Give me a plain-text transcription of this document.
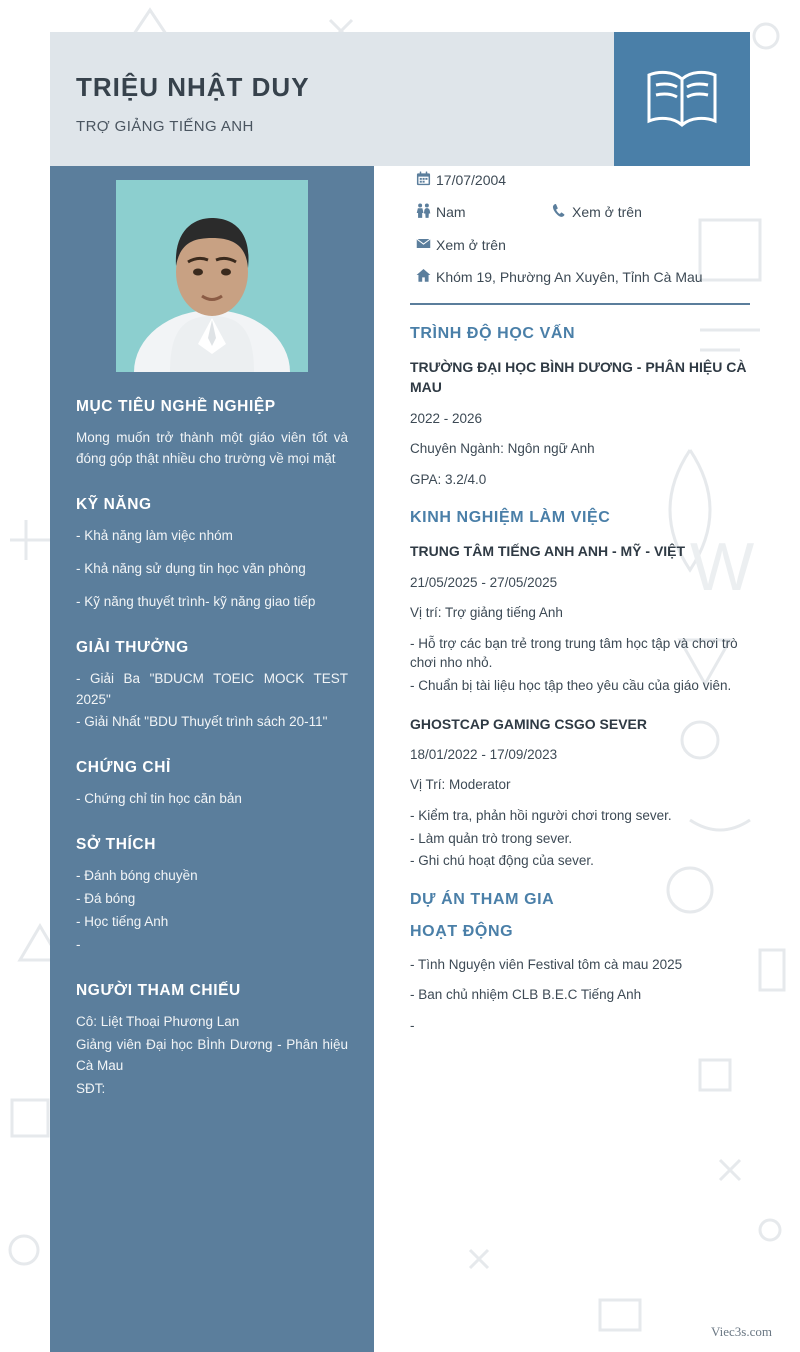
W
TRIỆU NHẬT DUY
TRỢ GIẢNG TIẾNG ANH
MỤC TIÊU NGHỀ NGHIỆP
Mong muốn trở thành một giáo viên tốt và đóng góp thật nhiều cho trường về mọi mặt
KỸ NĂNG
- Khả năng làm việc nhóm
- Khả năng sử dụng tin học văn phòng
- Kỹ năng thuyết trình- kỹ năng giao tiếp
GIẢI THƯỞNG
- Giải Ba "BDUCM TOEIC MOCK TEST 2025"
- Giải Nhất "BDU Thuyết trình sách 20-11"
CHỨNG CHỈ
- Chứng chỉ tin học căn bản
SỞ THÍCH
- Đánh bóng chuyền
- Đá bóng
- Học tiếng Anh
-
NGƯỜI THAM CHIẾU
Cô: Liệt Thoại Phương Lan
Giảng viên Đại học BÌnh Dương - Phân hiệu Cà Mau
SĐT:
17/07/2004
Nam	Xem ở trên
Xem ở trên
Khóm 19, Phường An Xuyên, Tỉnh Cà Mau
TRÌNH ĐỘ HỌC VẤN
TRƯỜNG ĐẠI HỌC BÌNH DƯƠNG - PHÂN HIỆU CÀ MAU
2022 - 2026
Chuyên Ngành: Ngôn ngữ Anh
GPA: 3.2/4.0
KINH NGHIỆM LÀM VIỆC
TRUNG TÂM TIẾNG ANH ANH - MỸ - VIỆT
21/05/2025 - 27/05/2025
Vị trí: Trợ giảng tiếng Anh
- Hỗ trợ các bạn trẻ trong trung tâm học tập và chơi trò chơi nho nhỏ.
- Chuẩn bị tài liệu học tập theo yêu cầu của giáo viên.
GHOSTCAP GAMING CSGO SEVER
18/01/2022 - 17/09/2023
Vị Trí: Moderator
- Kiểm tra, phản hồi người chơi trong sever.
- Làm quản trò trong sever.
- Ghi chú hoạt động của sever.
DỰ ÁN THAM GIA
HOẠT ĐỘNG
- Tình Nguyện viên Festival tôm cà mau 2025
- Ban chủ nhiệm CLB B.E.C Tiếng Anh
-
Viec3s.com
